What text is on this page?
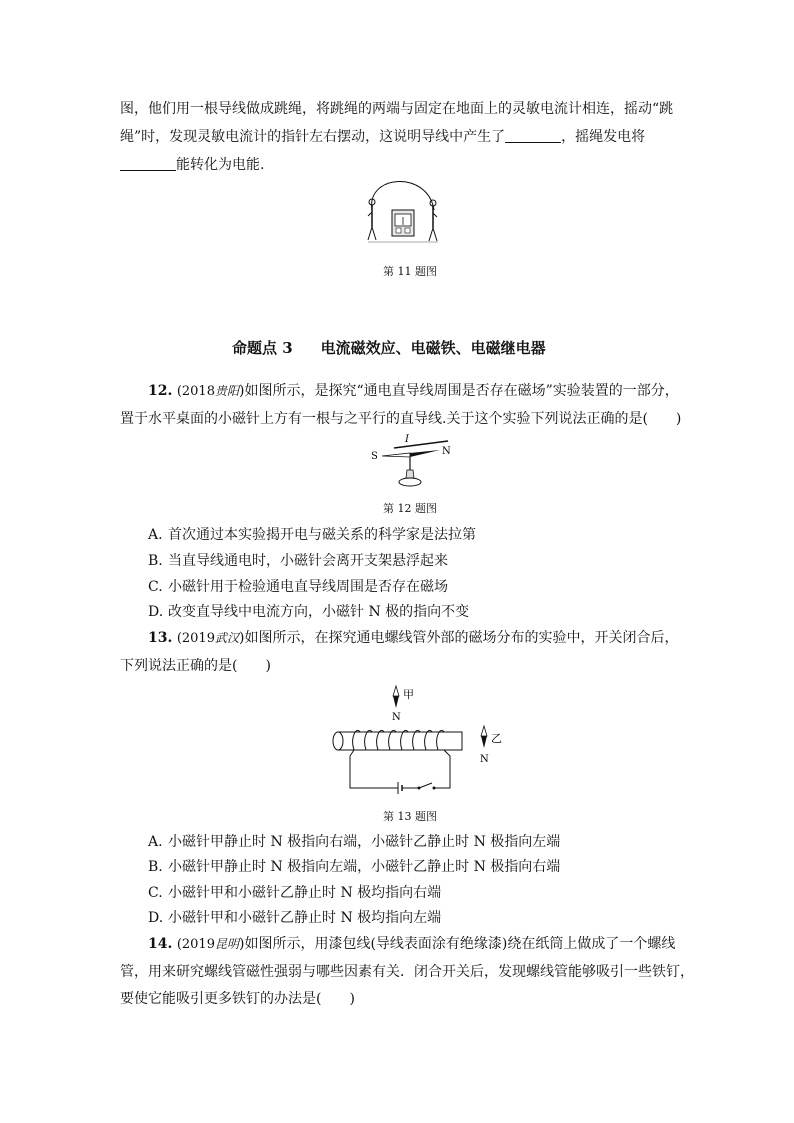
图，他们用一根导线做成跳绳，将跳绳的两端与固定在地面上的灵敏电流计相连，摇动“跳
绳”时，发现灵敏电流计的指针左右摆动，这说明导线中产生了	，摇绳发电将
能转化为电能.
第 11 题图
命题点 3 电流磁效应、电磁铁、电磁继电器
12. (2018贵阳)如图所示，是探究“通电直导线周围是否存在磁场”实验装置的一部分，
置于水平桌面的小磁针上方有一根与之平行的直导线.关于这个实验下列说法正确的是(　　)
I
S	N
第 12 题图
A. 首次通过本实验揭开电与磁关系的科学家是法拉第
B. 当直导线通电时，小磁针会离开支架悬浮起来
C. 小磁针用于检验通电直导线周围是否存在磁场
D. 改变直导线中电流方向，小磁针 N 极的指向不变
13. (2019武汉)如图所示，在探究通电螺线管外部的磁场分布的实验中，开关闭合后，
下列说法正确的是(　　)
甲
N
乙
N
第 13 题图
A. 小磁针甲静止时 N 极指向右端，小磁针乙静止时 N 极指向左端
B. 小磁针甲静止时 N 极指向左端，小磁针乙静止时 N 极指向右端
C. 小磁针甲和小磁针乙静止时 N 极均指向右端
D. 小磁针甲和小磁针乙静止时 N 极均指向左端
14. (2019昆明)如图所示，用漆包线(导线表面涂有绝缘漆)绕在纸筒上做成了一个螺线
管，用来研究螺线管磁性强弱与哪些因素有关．闭合开关后，发现螺线管能够吸引一些铁钉，
要使它能吸引更多铁钉的办法是(　　)
